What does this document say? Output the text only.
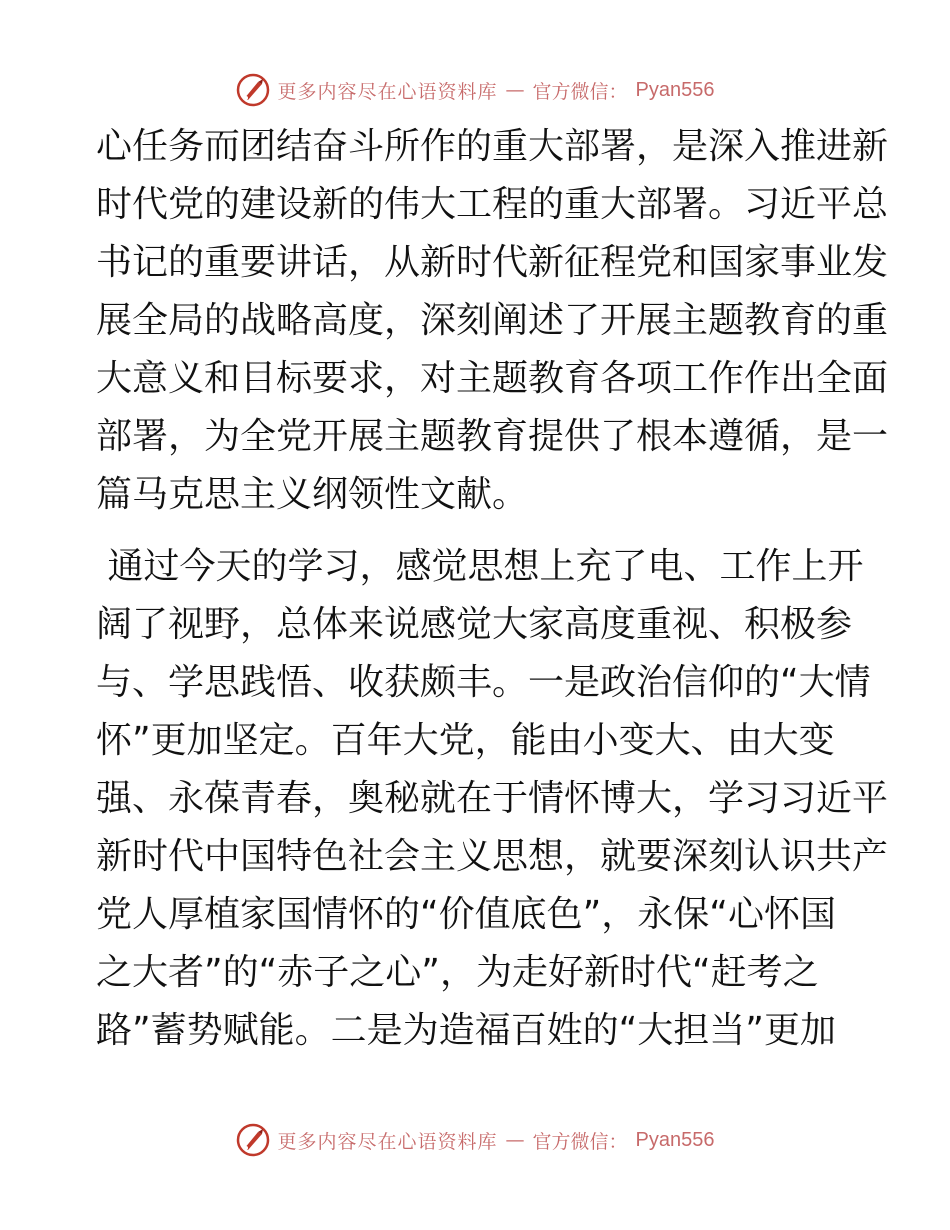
更多内容尽在心语资料库 — 官方微信： Pyan556
心任务而团结奋斗所作的重大部署，是深入推进新
时代党的建设新的伟大工程的重大部署。习近平总
书记的重要讲话，从新时代新征程党和国家事业发
展全局的战略高度，深刻阐述了开展主题教育的重
大意义和目标要求，对主题教育各项工作作出全面
部署，为全党开展主题教育提供了根本遵循，是一
篇马克思主义纲领性文献。
通过今天的学习，感觉思想上充了电、工作上开
阔了视野，总体来说感觉大家高度重视、积极参
与、学思践悟、收获颇丰。一是政治信仰的“大情
怀”更加坚定。百年大党，能由小变大、由大变
强、永葆青春，奥秘就在于情怀博大，学习习近平
新时代中国特色社会主义思想，就要深刻认识共产
党人厚植家国情怀的“价值底色”，永保“心怀国
之大者”的“赤子之心”，为走好新时代“赶考之
路”蓄势赋能。二是为造福百姓的“大担当”更加
更多内容尽在心语资料库 — 官方微信： Pyan556
